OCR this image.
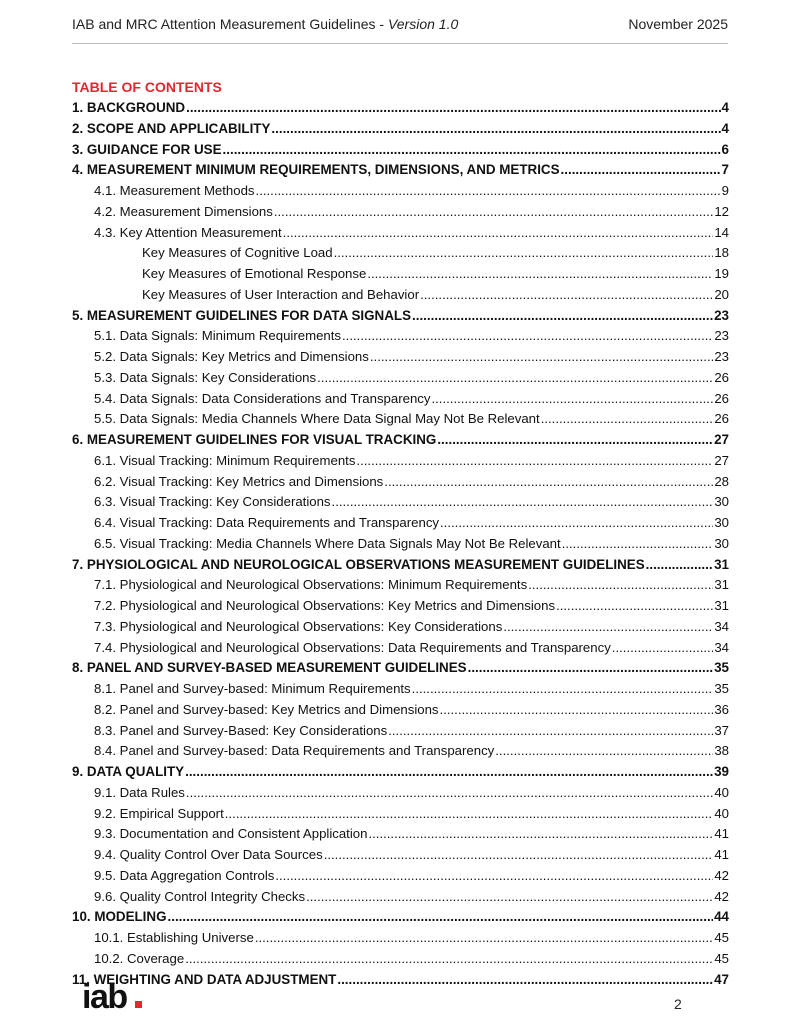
IAB and MRC Attention Measurement Guidelines - Version 1.0	November 2025
TABLE OF CONTENTS
1. BACKGROUND .....	4
2. SCOPE AND APPLICABILITY .....	4
3. GUIDANCE FOR USE .....	6
4. MEASUREMENT MINIMUM REQUIREMENTS, DIMENSIONS, AND METRICS .....	7
4.1. Measurement Methods .....	9
4.2. Measurement Dimensions .....	12
4.3. Key Attention Measurement .....	14
Key Measures of Cognitive Load .....	18
Key Measures of Emotional Response .....	19
Key Measures of User Interaction and Behavior .....	20
5. MEASUREMENT GUIDELINES FOR DATA SIGNALS .....	23
5.1. Data Signals: Minimum Requirements .....	23
5.2. Data Signals: Key Metrics and Dimensions .....	23
5.3. Data Signals: Key Considerations .....	26
5.4. Data Signals: Data Considerations and Transparency .....	26
5.5. Data Signals: Media Channels Where Data Signal May Not Be Relevant .....	26
6. MEASUREMENT GUIDELINES FOR VISUAL TRACKING .....	27
6.1. Visual Tracking: Minimum Requirements .....	27
6.2. Visual Tracking: Key Metrics and Dimensions .....	28
6.3. Visual Tracking: Key Considerations .....	30
6.4. Visual Tracking: Data Requirements and Transparency .....	30
6.5. Visual Tracking: Media Channels Where Data Signals May Not Be Relevant .....	30
7. PHYSIOLOGICAL AND NEUROLOGICAL OBSERVATIONS MEASUREMENT GUIDELINES .....	31
7.1. Physiological and Neurological Observations: Minimum Requirements .....	31
7.2. Physiological and Neurological Observations: Key Metrics and Dimensions .....	31
7.3. Physiological and Neurological Observations: Key Considerations .....	34
7.4. Physiological and Neurological Observations: Data Requirements and Transparency .....	34
8. PANEL AND SURVEY-BASED MEASUREMENT GUIDELINES .....	35
8.1. Panel and Survey-based: Minimum Requirements .....	35
8.2. Panel and Survey-based: Key Metrics and Dimensions .....	36
8.3. Panel and Survey-Based: Key Considerations .....	37
8.4. Panel and Survey-based: Data Requirements and Transparency .....	38
9. DATA QUALITY .....	39
9.1. Data Rules .....	40
9.2. Empirical Support .....	40
9.3. Documentation and Consistent Application .....	41
9.4. Quality Control Over Data Sources .....	41
9.5. Data Aggregation Controls .....	42
9.6. Quality Control Integrity Checks .....	42
10. MODELING .....	44
10.1. Establishing Universe .....	45
10.2. Coverage .....	45
11. WEIGHTING AND DATA ADJUSTMENT .....	47
iab	2
